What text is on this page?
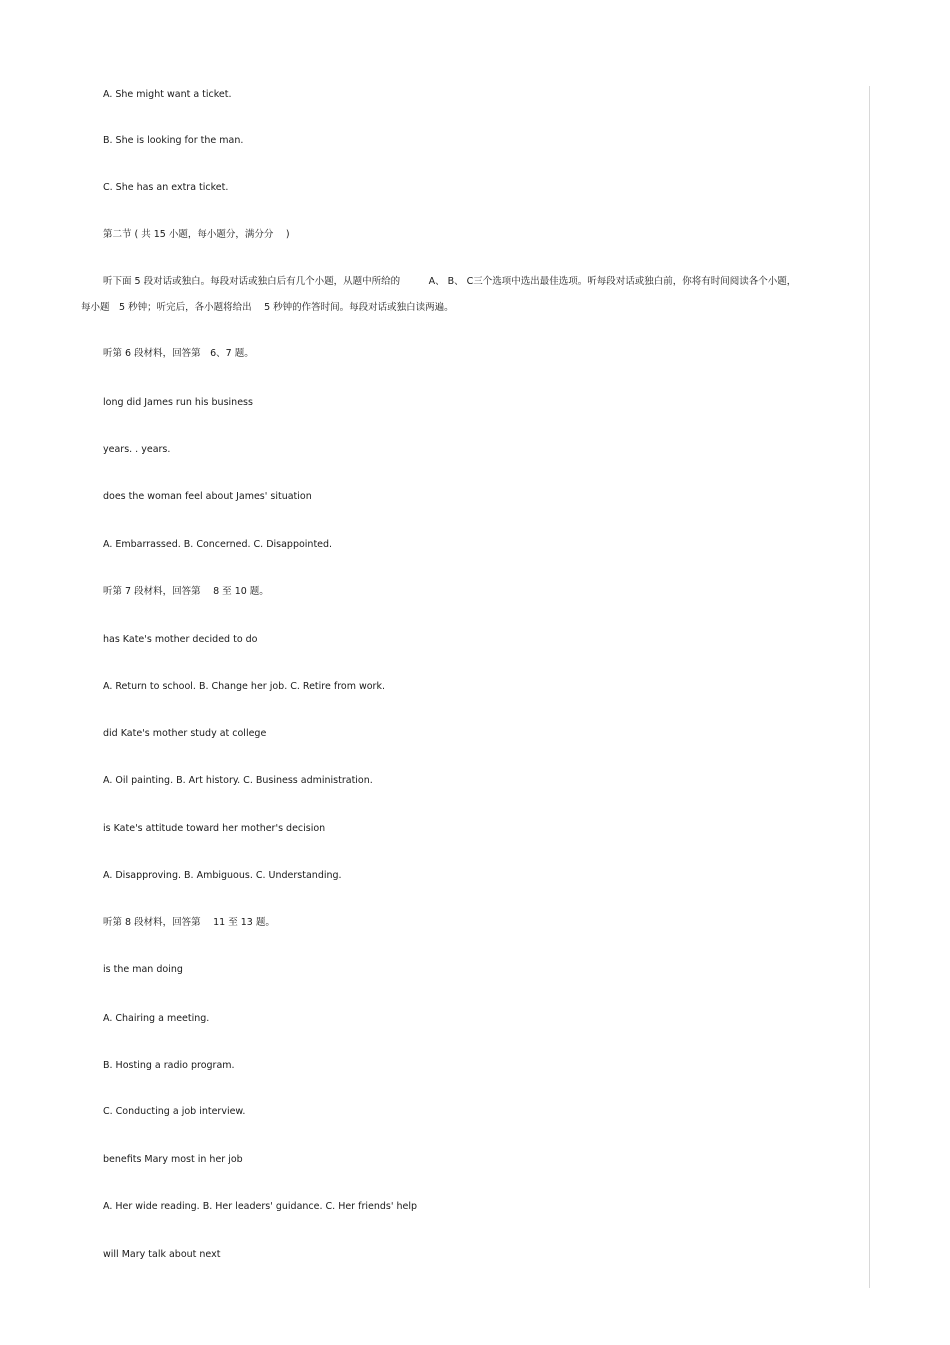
A. She might want a ticket.
B. She is looking for the man.
C. She has an extra ticket.
第二节 ( 共 15 小题，每小题分，满分分　 )
听下面 5 段对话或独白。每段对话或独白后有几个小题，从题中所给的　　　A、 B、 C三个选项中选出最佳选项。听每段对话或独白前，你将有时间阅读各个小题，
每小题　5 秒钟；听完后，各小题将给出　 5 秒钟的作答时间。每段对话或独白读两遍。
听第 6 段材料，回答第　6、7 题。
long did James run his business
years. . years.
does the woman feel about James' situation
A. Embarrassed. B. Concerned. C. Disappointed.
听第 7 段材料，回答第　 8 至 10 题。
has Kate's mother decided to do
A. Return to school. B. Change her job. C. Retire from work.
did Kate's mother study at college
A. Oil painting. B. Art history. C. Business administration.
is Kate's attitude toward her mother's decision
A. Disapproving. B. Ambiguous. C. Understanding.
听第 8 段材料，回答第　 11 至 13 题。
is the man doing
A. Chairing a meeting.
B. Hosting a radio program.
C. Conducting a job interview.
benefits Mary most in her job
A. Her wide reading. B. Her leaders' guidance. C. Her friends' help
will Mary talk about next
